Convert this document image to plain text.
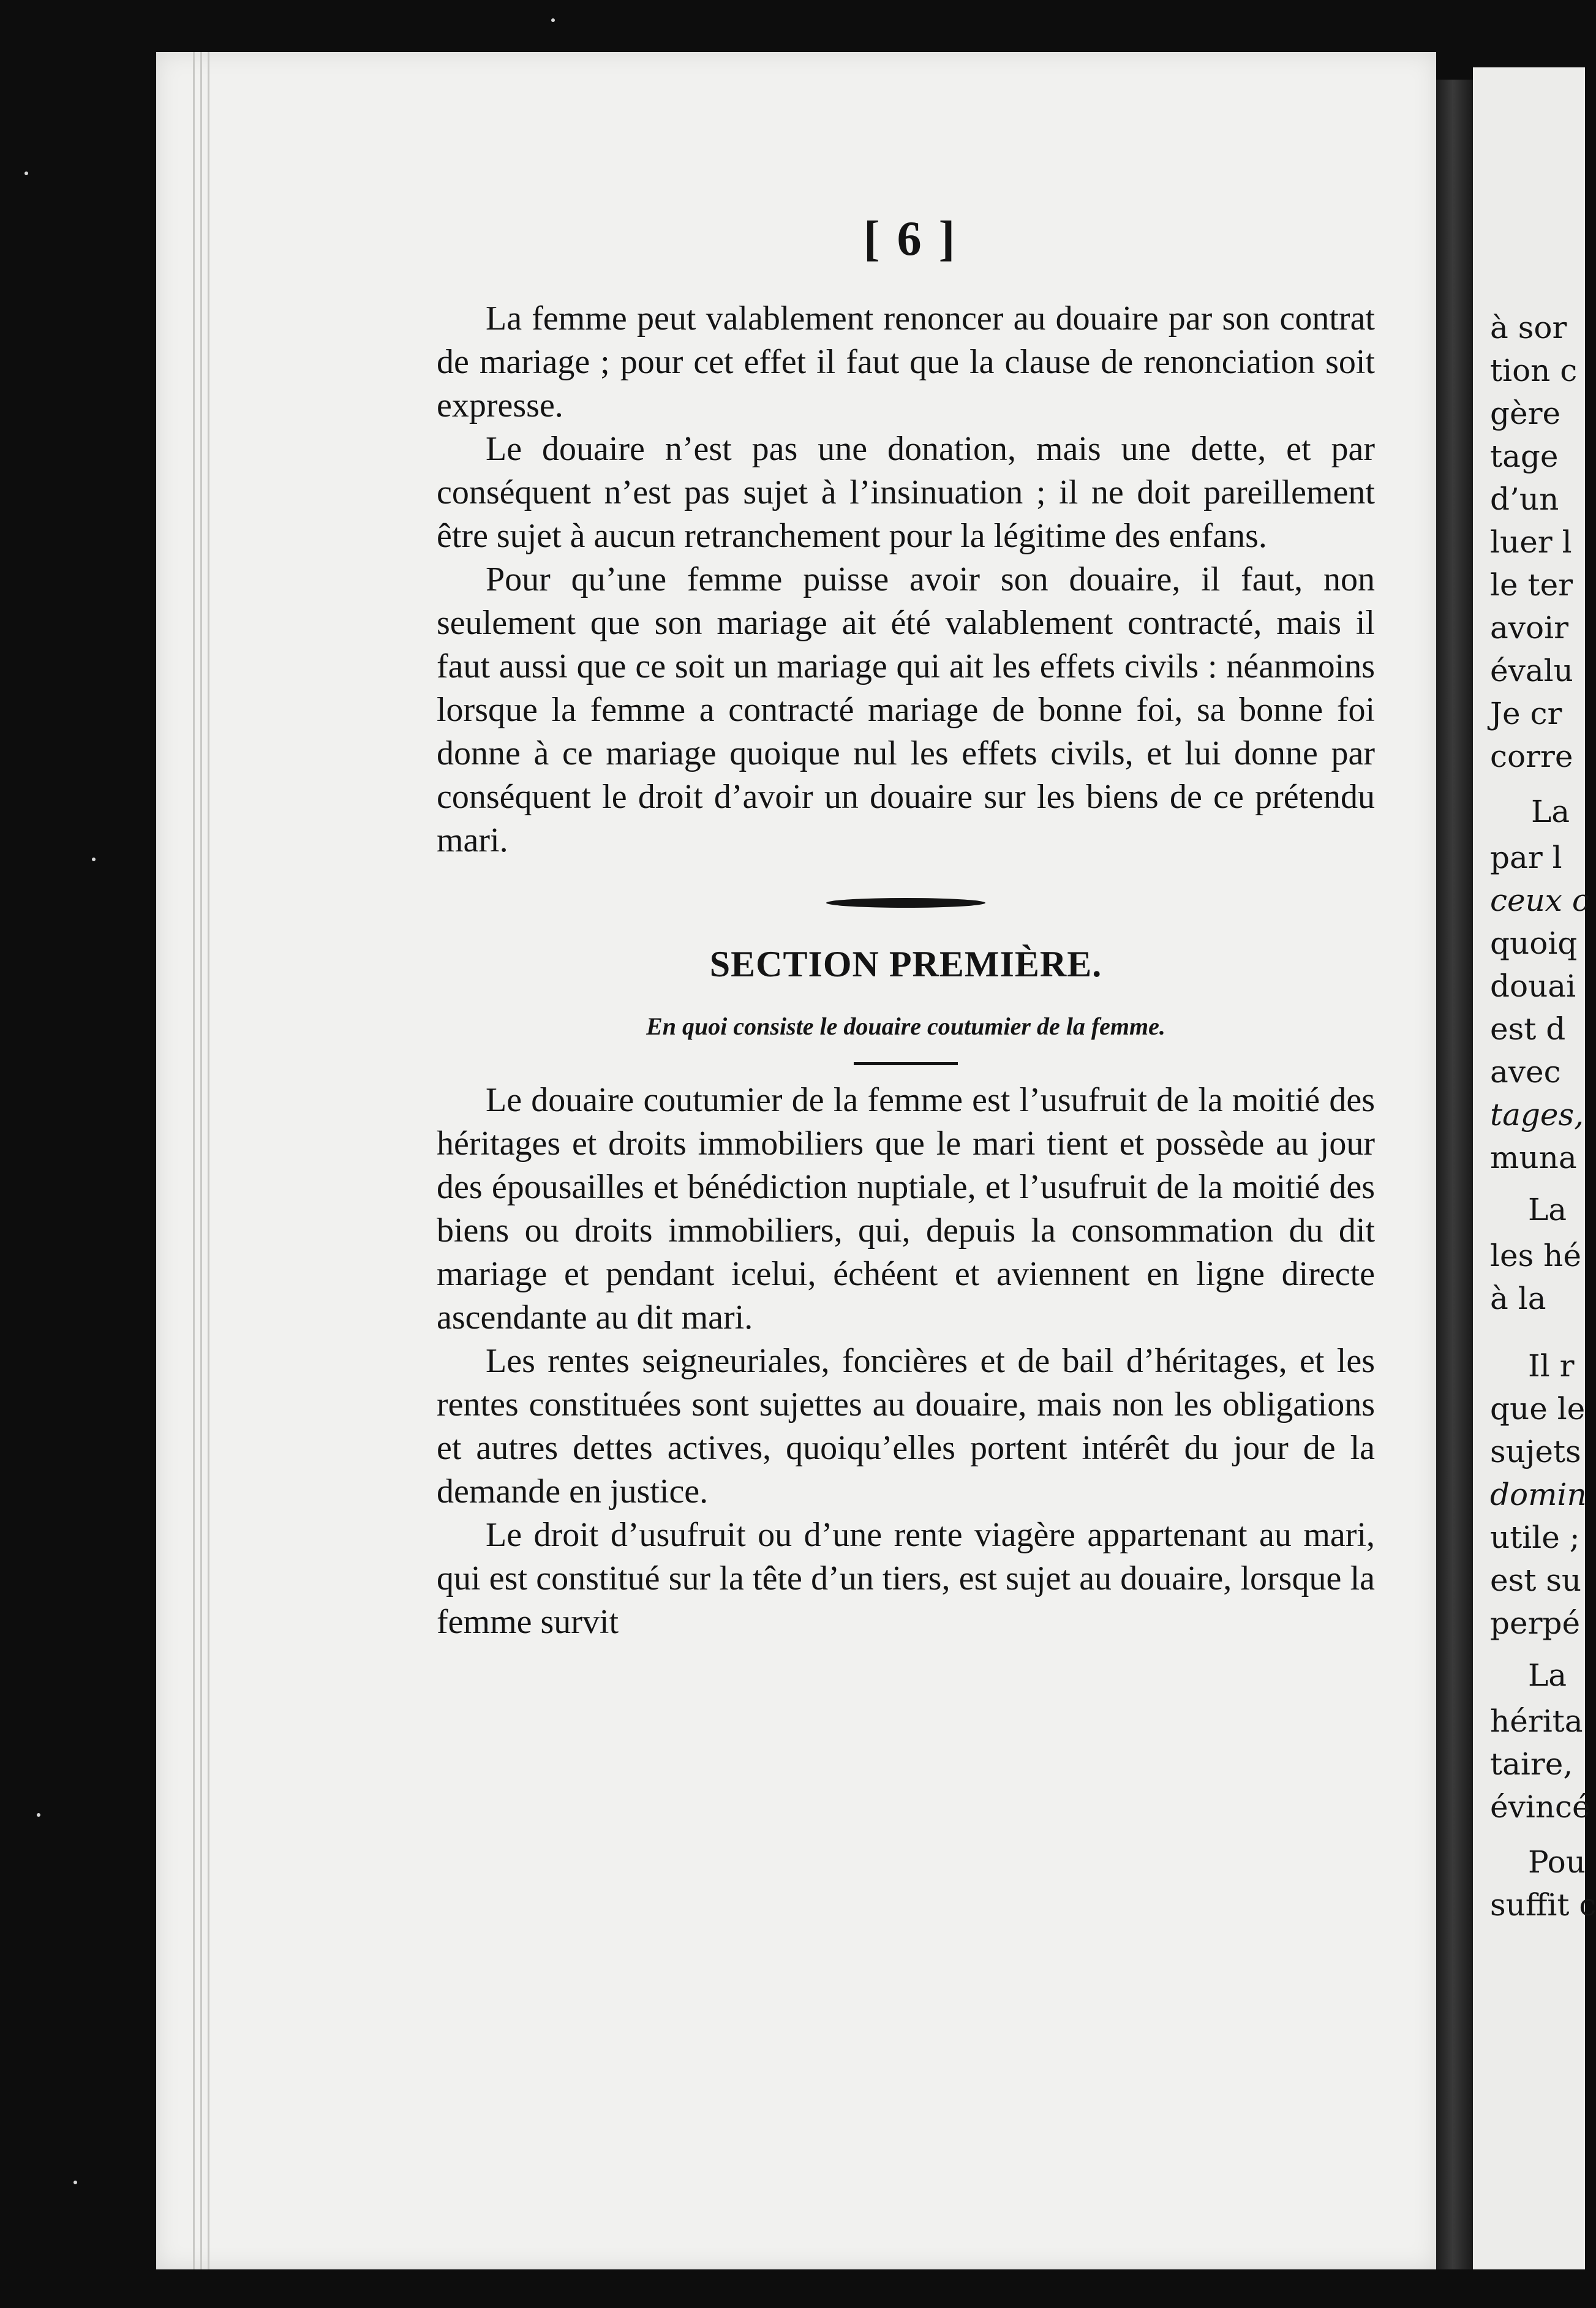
à sor
tion c
gère
tage
d’un
luer l
le ter
avoir
évalu
Je cr
corre
La
par l
ceux c
quoiq
douai
est d
avec
tages,
muna
La
les hé
à la
Il r
que le
sujets
domin
utile ;
est su
perpé
La
hérita
taire,
évincé
Pou
suffit c
[ 6 ]

La femme peut valablement renoncer au douaire par son contrat de mariage ; pour cet effet il faut que la clause de renonciation soit expresse.

Le douaire n’est pas une donation, mais une dette, et par conséquent n’est pas sujet à l’insinuation ; il ne doit pareillement être sujet à aucun retranchement pour la légitime des enfans.

Pour qu’une femme puisse avoir son douaire, il faut, non seulement que son mariage ait été valablement contracté, mais il faut aussi que ce soit un mariage qui ait les effets civils : néanmoins lorsque la femme a contracté mariage de bonne foi, sa bonne foi donne à ce mariage quoique nul les effets civils, et lui donne par conséquent le droit d’avoir un douaire sur les biens de ce prétendu mari.

SECTION PREMIÈRE.

En quoi consiste le douaire coutumier de la femme.

Le douaire coutumier de la femme est l’usufruit de la moitié des héritages et droits immobiliers que le mari tient et possède au jour des épousailles et bénédiction nuptiale, et l’usufruit de la moitié des biens ou droits immobiliers, qui, depuis la consommation du dit mariage et pendant icelui, échéent et aviennent en ligne directe ascendante au dit mari.

Les rentes seigneuriales, foncières et de bail d’héritages, et les rentes constituées sont sujettes au douaire, mais non les obligations et autres dettes actives, quoiqu’elles portent intérêt du jour de la demande en justice.

Le droit d’usufruit ou d’une rente viagère appartenant au mari, qui est constitué sur la tête d’un tiers, est sujet au douaire, lorsque la femme survit
